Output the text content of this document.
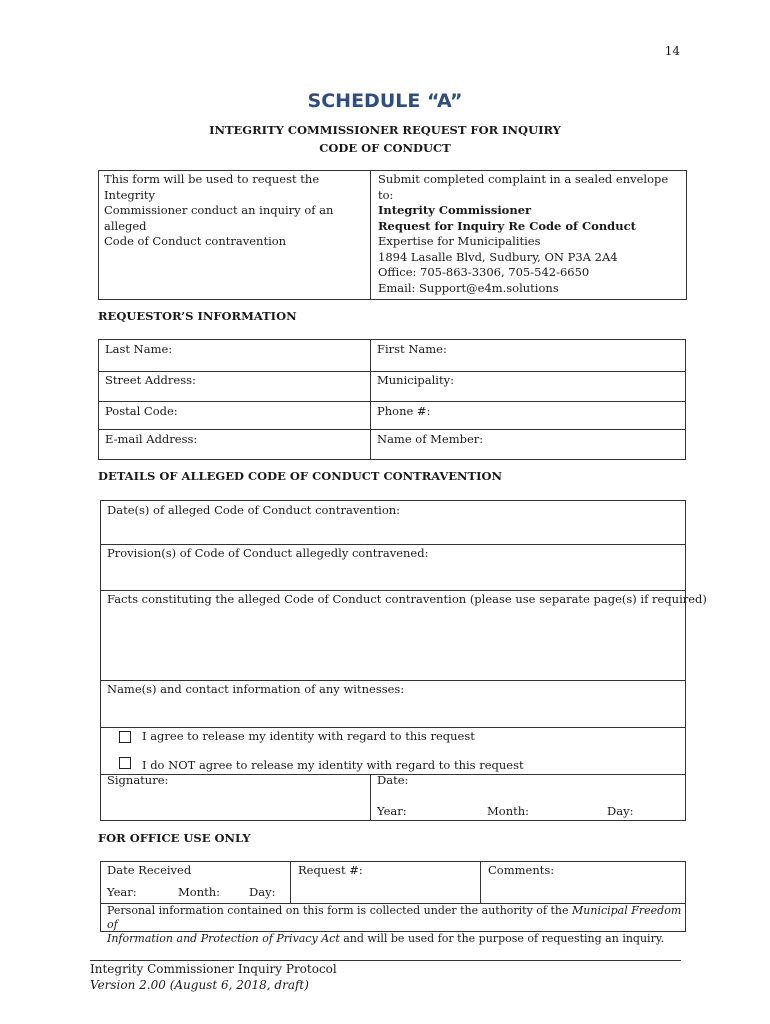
14
SCHEDULE “A”
INTEGRITY COMMISSIONER REQUEST FOR INQUIRY
CODE OF CONDUCT
This form will be used to request the Integrity
Commissioner conduct an inquiry of an alleged
Code of Conduct contravention
Submit completed complaint in a sealed envelope
to:
Integrity Commissioner
Request for Inquiry Re Code of Conduct
Expertise for Municipalities
1894 Lasalle Blvd, Sudbury, ON P3A 2A4
Office: 705-863-3306, 705-542-6650
Email: Support@e4m.solutions
REQUESTOR’S INFORMATION
Last Name:	First Name:
Street Address:	Municipality:
Postal Code:	Phone #:
E-mail Address:	Name of Member:
DETAILS OF ALLEGED CODE OF CONDUCT CONTRAVENTION
Date(s) of alleged Code of Conduct contravention:
Provision(s) of Code of Conduct allegedly contravened:
Facts constituting the alleged Code of Conduct contravention (please use separate page(s) if required)
Name(s) and contact information of any witnesses:
I agree to release my identity with regard to this request
I do NOT agree to release my identity with regard to this request
Signature:	Date:
Year:	Month:	Day:
FOR OFFICE USE ONLY
Date Received
Year:	Month:	Day:
Request #:	Comments:
Personal information contained on this form is collected under the authority of the Municipal Freedom of
Information and Protection of Privacy Act and will be used for the purpose of requesting an inquiry.
Integrity Commissioner Inquiry Protocol
Version 2.00 (August 6, 2018, draft)
